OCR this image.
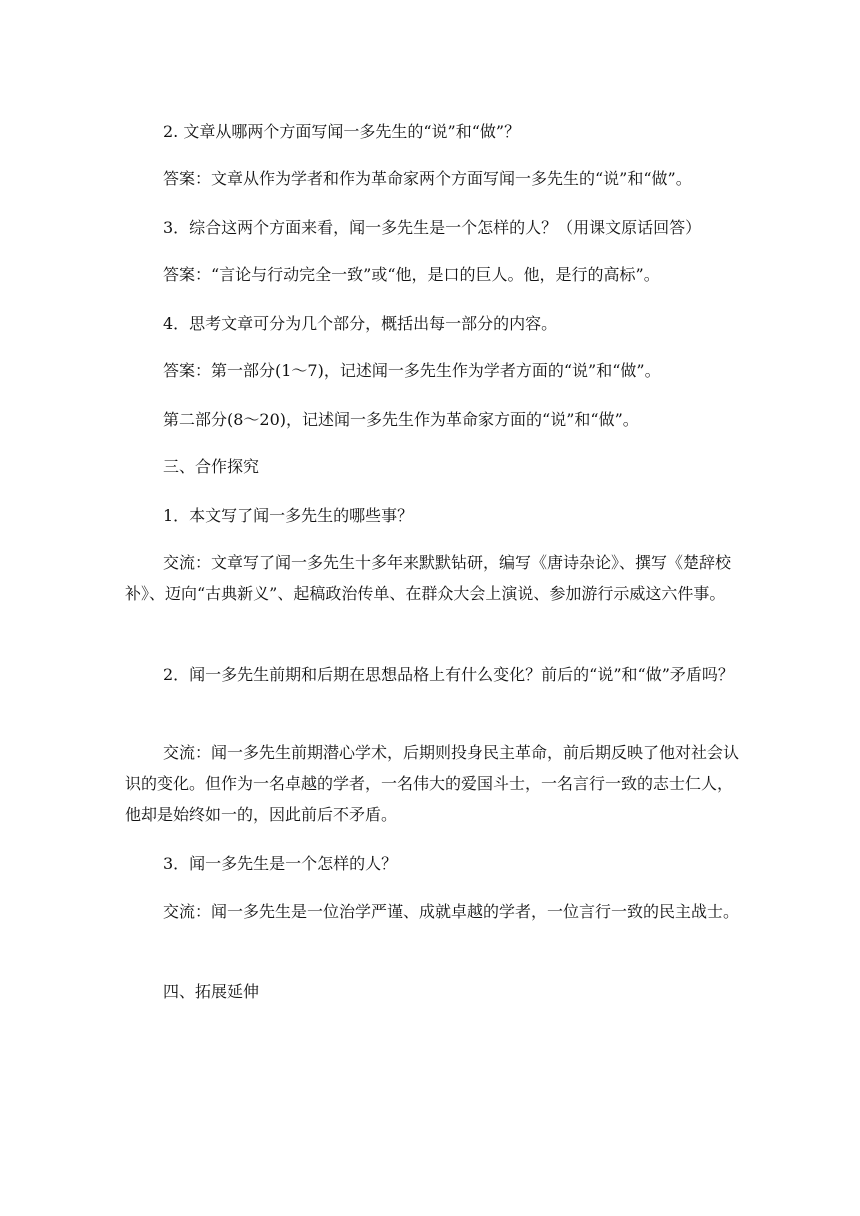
2. 文章从哪两个方面写闻一多先生的“说”和“做”？
答案：文章从作为学者和作为革命家两个方面写闻一多先生的“说”和“做”。
3．综合这两个方面来看，闻一多先生是一个怎样的人？（用课文原话回答）
答案：“言论与行动完全一致”或“他，是口的巨人。他，是行的高标”。
4．思考文章可分为几个部分，概括出每一部分的内容。
答案：第一部分(1～7)，记述闻一多先生作为学者方面的“说”和“做”。
第二部分(8～20)，记述闻一多先生作为革命家方面的“说”和“做”。
三、合作探究
1．本文写了闻一多先生的哪些事？
交流：文章写了闻一多先生十多年来默默钻研，编写《唐诗杂论》、撰写《楚辞校补》、迈向“古典新义”、起稿政治传单、在群众大会上演说、参加游行示威这六件事。
2．闻一多先生前期和后期在思想品格上有什么变化？前后的“说”和“做”矛盾吗？
交流：闻一多先生前期潜心学术，后期则投身民主革命，前后期反映了他对社会认识的变化。但作为一名卓越的学者，一名伟大的爱国斗士，一名言行一致的志士仁人，他却是始终如一的，因此前后不矛盾。
3．闻一多先生是一个怎样的人？
交流：闻一多先生是一位治学严谨、成就卓越的学者，一位言行一致的民主战士。
四、拓展延伸
